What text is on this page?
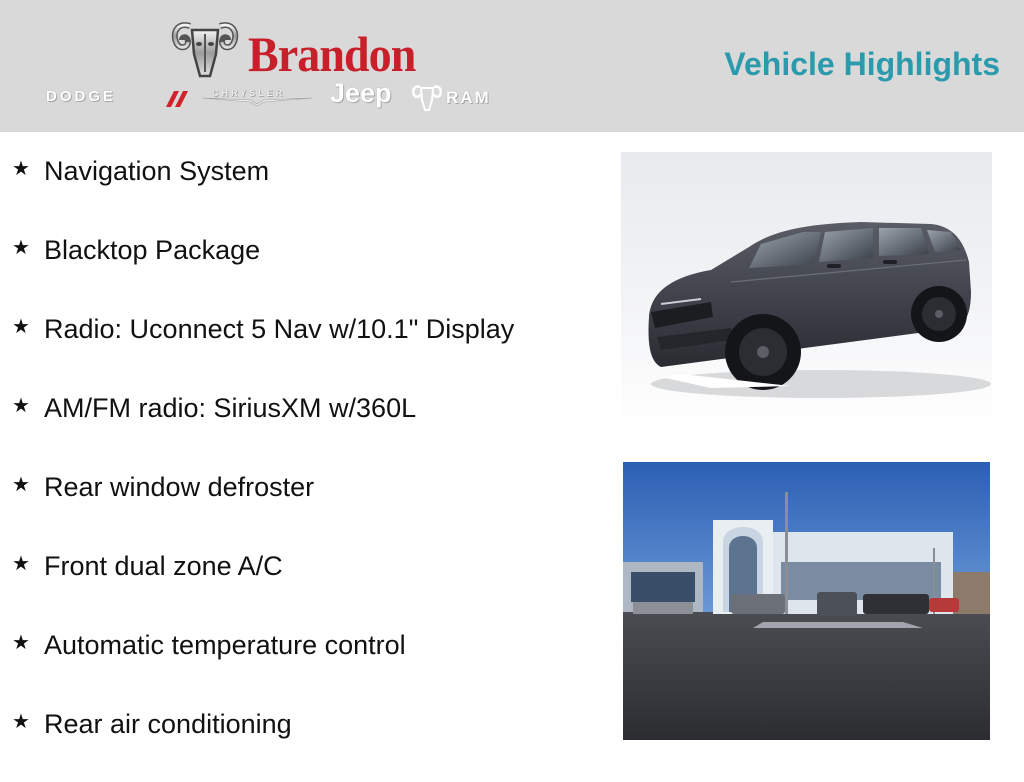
Brandon
DODGE	CHRYSLER Jeep	RAM
Vehicle Highlights
★ Navigation System
★ Blacktop Package
★ Radio: Uconnect 5 Nav w/10.1" Display
★ AM/FM radio: SiriusXM w/360L
★ Rear window defroster
★ Front dual zone A/C
★ Automatic temperature control
★ Rear air conditioning
